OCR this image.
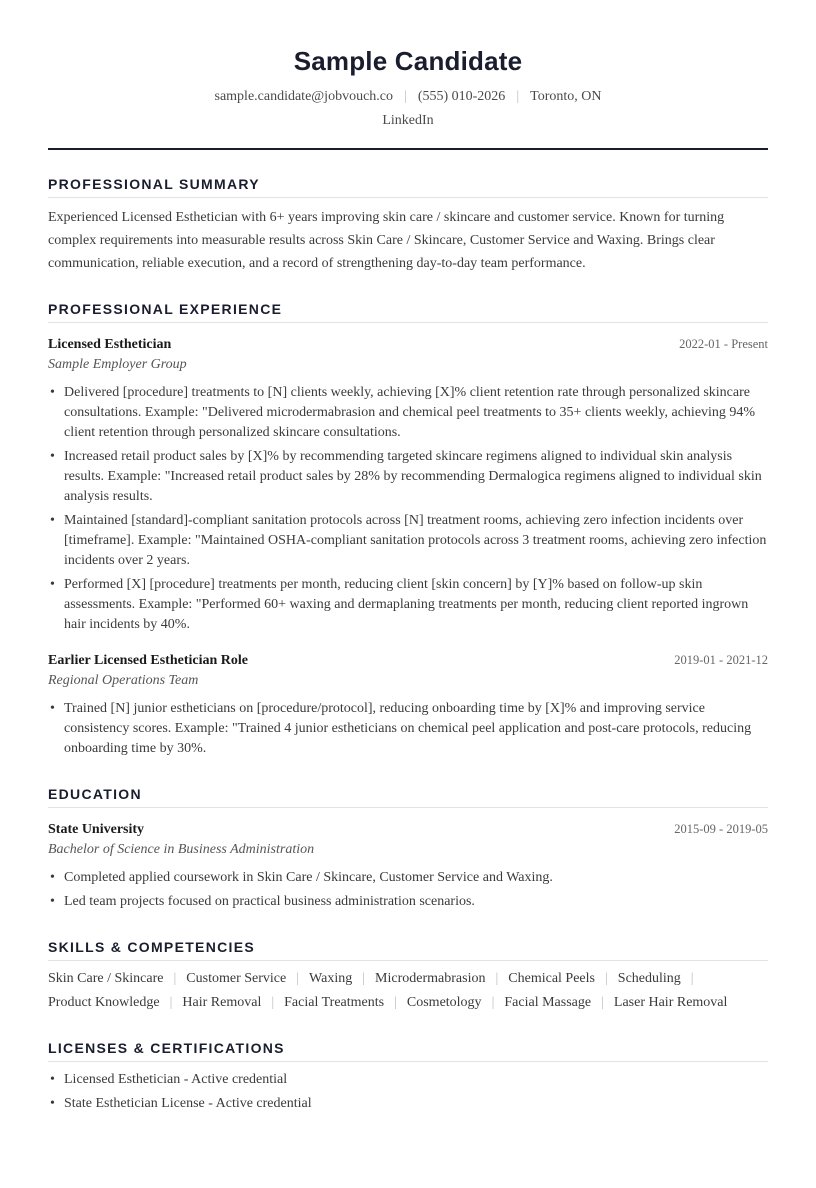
Sample Candidate
sample.candidate@jobvouch.co | (555) 010-2026 | Toronto, ON
LinkedIn
PROFESSIONAL SUMMARY
Experienced Licensed Esthetician with 6+ years improving skin care / skincare and customer service. Known for turning complex requirements into measurable results across Skin Care / Skincare, Customer Service and Waxing. Brings clear communication, reliable execution, and a record of strengthening day-to-day team performance.
PROFESSIONAL EXPERIENCE
Licensed Esthetician	2022-01 - Present
Sample Employer Group
• Delivered [procedure] treatments to [N] clients weekly, achieving [X]% client retention rate through personalized skincare consultations. Example: "Delivered microdermabrasion and chemical peel treatments to 35+ clients weekly, achieving 94% client retention through personalized skincare consultations.
• Increased retail product sales by [X]% by recommending targeted skincare regimens aligned to individual skin analysis results. Example: "Increased retail product sales by 28% by recommending Dermalogica regimens aligned to individual skin analysis results.
• Maintained [standard]-compliant sanitation protocols across [N] treatment rooms, achieving zero infection incidents over [timeframe]. Example: "Maintained OSHA-compliant sanitation protocols across 3 treatment rooms, achieving zero infection incidents over 2 years.
• Performed [X] [procedure] treatments per month, reducing client [skin concern] by [Y]% based on follow-up skin assessments. Example: "Performed 60+ waxing and dermaplaning treatments per month, reducing client reported ingrown hair incidents by 40%.
Earlier Licensed Esthetician Role	2019-01 - 2021-12
Regional Operations Team
• Trained [N] junior estheticians on [procedure/protocol], reducing onboarding time by [X]% and improving service consistency scores. Example: "Trained 4 junior estheticians on chemical peel application and post-care protocols, reducing onboarding time by 30%.
EDUCATION
State University	2015-09 - 2019-05
Bachelor of Science in Business Administration
• Completed applied coursework in Skin Care / Skincare, Customer Service and Waxing.
• Led team projects focused on practical business administration scenarios.
SKILLS & COMPETENCIES
Skin Care / Skincare | Customer Service | Waxing | Microdermabrasion | Chemical Peels | Scheduling |
Product Knowledge | Hair Removal | Facial Treatments | Cosmetology | Facial Massage | Laser Hair Removal
LICENSES & CERTIFICATIONS
• Licensed Esthetician - Active credential
• State Esthetician License - Active credential
